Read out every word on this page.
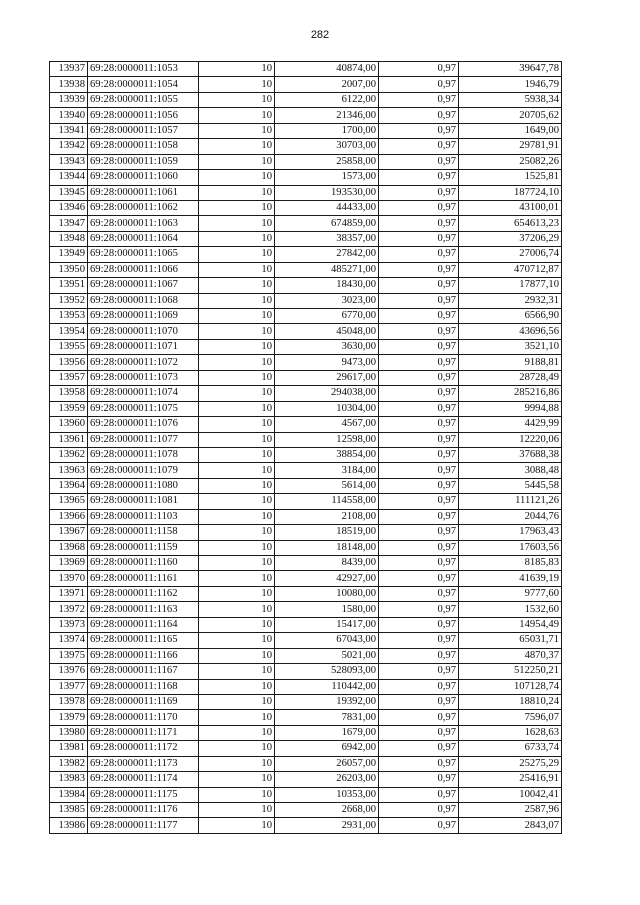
282
13937	69:28:0000011:1053	10	40874,00	0,97	39647,78
13938	69:28:0000011:1054	10	2007,00	0,97	1946,79
13939	69:28:0000011:1055	10	6122,00	0,97	5938,34
13940	69:28:0000011:1056	10	21346,00	0,97	20705,62
13941	69:28:0000011:1057	10	1700,00	0,97	1649,00
13942	69:28:0000011:1058	10	30703,00	0,97	29781,91
13943	69:28:0000011:1059	10	25858,00	0,97	25082,26
13944	69:28:0000011:1060	10	1573,00	0,97	1525,81
13945	69:28:0000011:1061	10	193530,00	0,97	187724,10
13946	69:28:0000011:1062	10	44433,00	0,97	43100,01
13947	69:28:0000011:1063	10	674859,00	0,97	654613,23
13948	69:28:0000011:1064	10	38357,00	0,97	37206,29
13949	69:28:0000011:1065	10	27842,00	0,97	27006,74
13950	69:28:0000011:1066	10	485271,00	0,97	470712,87
13951	69:28:0000011:1067	10	18430,00	0,97	17877,10
13952	69:28:0000011:1068	10	3023,00	0,97	2932,31
13953	69:28:0000011:1069	10	6770,00	0,97	6566,90
13954	69:28:0000011:1070	10	45048,00	0,97	43696,56
13955	69:28:0000011:1071	10	3630,00	0,97	3521,10
13956	69:28:0000011:1072	10	9473,00	0,97	9188,81
13957	69:28:0000011:1073	10	29617,00	0,97	28728,49
13958	69:28:0000011:1074	10	294038,00	0,97	285216,86
13959	69:28:0000011:1075	10	10304,00	0,97	9994,88
13960	69:28:0000011:1076	10	4567,00	0,97	4429,99
13961	69:28:0000011:1077	10	12598,00	0,97	12220,06
13962	69:28:0000011:1078	10	38854,00	0,97	37688,38
13963	69:28:0000011:1079	10	3184,00	0,97	3088,48
13964	69:28:0000011:1080	10	5614,00	0,97	5445,58
13965	69:28:0000011:1081	10	114558,00	0,97	111121,26
13966	69:28:0000011:1103	10	2108,00	0,97	2044,76
13967	69:28:0000011:1158	10	18519,00	0,97	17963,43
13968	69:28:0000011:1159	10	18148,00	0,97	17603,56
13969	69:28:0000011:1160	10	8439,00	0,97	8185,83
13970	69:28:0000011:1161	10	42927,00	0,97	41639,19
13971	69:28:0000011:1162	10	10080,00	0,97	9777,60
13972	69:28:0000011:1163	10	1580,00	0,97	1532,60
13973	69:28:0000011:1164	10	15417,00	0,97	14954,49
13974	69:28:0000011:1165	10	67043,00	0,97	65031,71
13975	69:28:0000011:1166	10	5021,00	0,97	4870,37
13976	69:28:0000011:1167	10	528093,00	0,97	512250,21
13977	69:28:0000011:1168	10	110442,00	0,97	107128,74
13978	69:28:0000011:1169	10	19392,00	0,97	18810,24
13979	69:28:0000011:1170	10	7831,00	0,97	7596,07
13980	69:28:0000011:1171	10	1679,00	0,97	1628,63
13981	69:28:0000011:1172	10	6942,00	0,97	6733,74
13982	69:28:0000011:1173	10	26057,00	0,97	25275,29
13983	69:28:0000011:1174	10	26203,00	0,97	25416,91
13984	69:28:0000011:1175	10	10353,00	0,97	10042,41
13985	69:28:0000011:1176	10	2668,00	0,97	2587,96
13986	69:28:0000011:1177	10	2931,00	0,97	2843,07
